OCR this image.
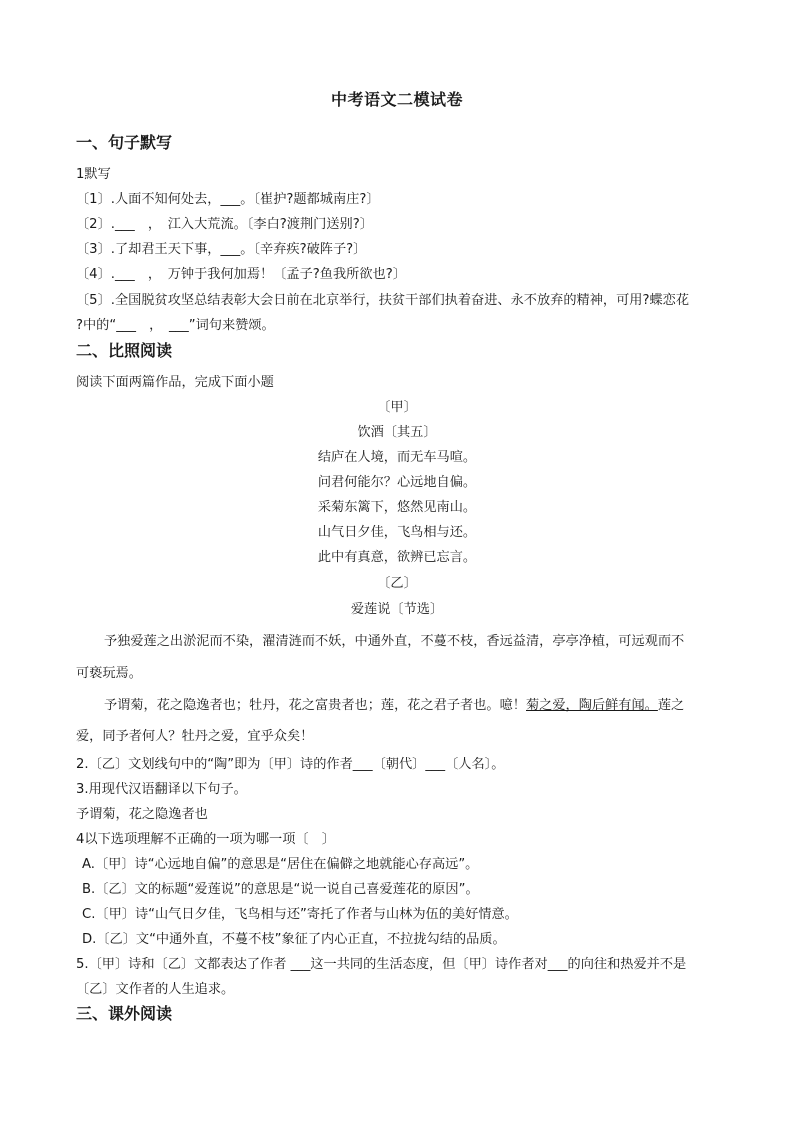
中考语文二模试卷
一、句子默写
1默写
〔1〕.人面不知何处去，___。〔崔护?题都城南庄?〕
〔2〕.___　，　江入大荒流。〔李白?渡荆门送别?〕
〔3〕.了却君王天下事，___。〔辛弃疾?破阵子?〕
〔4〕.___　，　万钟于我何加焉！〔孟子?鱼我所欲也?〕
〔5〕.全国脱贫攻坚总结表彰大会日前在北京举行，扶贫干部们执着奋进、永不放弃的精神，可用?蝶恋花
?中的“___　，　___”词句来赞颂。
二、比照阅读
阅读下面两篇作品，完成下面小题
〔甲〕
饮酒〔其五〕
结庐在人境，而无车马喧。
问君何能尔？心远地自偏。
采菊东篱下，悠然见南山。
山气日夕佳，飞鸟相与还。
此中有真意，欲辨已忘言。
〔乙〕
爱莲说〔节选〕
予独爱莲之出淤泥而不染，濯清涟而不妖，中通外直，不蔓不枝，香远益清，亭亭净植，可远观而不
可亵玩焉。
予谓菊，花之隐逸者也；牡丹，花之富贵者也；莲，花之君子者也。噫！菊之爱，陶后鲜有闻。莲之
爱，同予者何人？牡丹之爱，宜乎众矣！
2.〔乙〕文划线句中的“陶”即为〔甲〕诗的作者___〔朝代〕___〔人名〕。
3.用现代汉语翻译以下句子。
予谓菊，花之隐逸者也
4以下选项理解不正确的一项为哪一项〔　〕
A.〔甲〕诗“心远地自偏”的意思是“居住在偏僻之地就能心存高远”。
B.〔乙〕文的标题“爱莲说”的意思是“说一说自己喜爱莲花的原因”。
C.〔甲〕诗“山气日夕佳，飞鸟相与还”寄托了作者与山林为伍的美好情意。
D.〔乙〕文“中通外直，不蔓不枝”象征了内心正直，不拉拢勾结的品质。
5.〔甲〕诗和〔乙〕文都表达了作者 ___这一共同的生活态度，但〔甲〕诗作者对___的向往和热爱并不是
〔乙〕文作者的人生追求。
三、课外阅读
